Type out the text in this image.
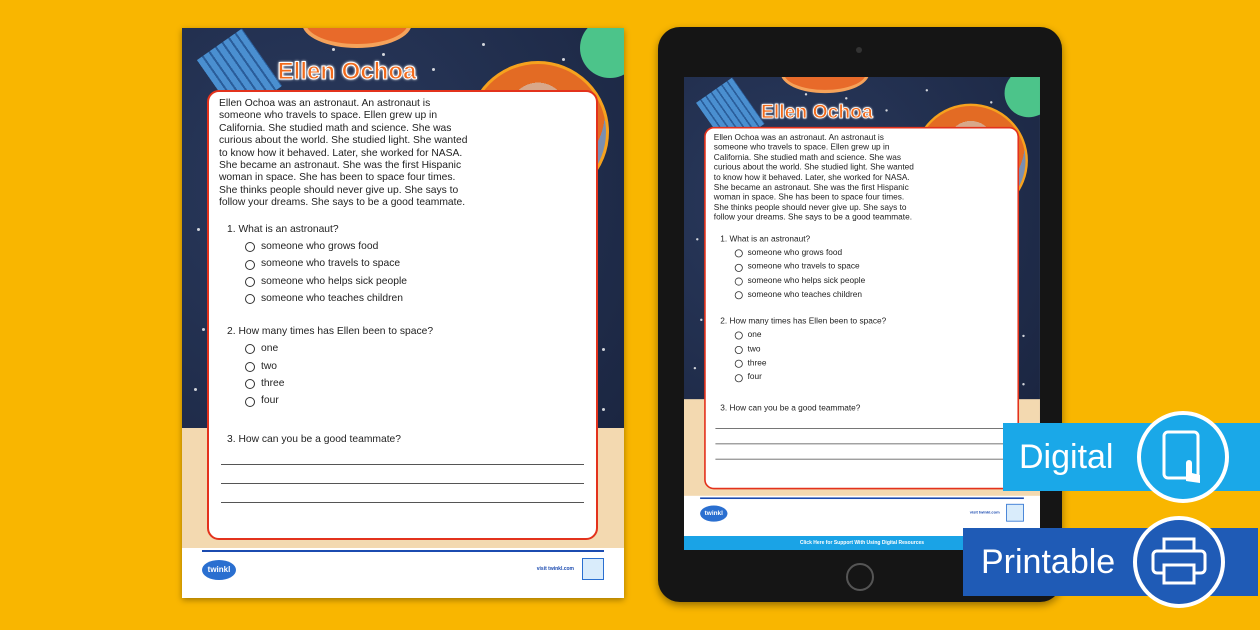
Ellen Ochoa

Ellen Ochoa was an astronaut. An astronaut is someone who travels to space. Ellen grew up in California. She studied math and science. She was curious about the world. She studied light. She wanted to know how it behaved. Later, she worked for NASA. She became an astronaut. She was the first Hispanic woman in space. She has been to space four times. She thinks people should never give up. She says to follow your dreams. She says to be a good teammate.

1. What is an astronaut?
someone who grows food
someone who travels to space
someone who helps sick people
someone who teaches children
2. How many times has Ellen been to space?
one
two
three
four
3. How can you be a good teammate?
twinkl	visit twinkl.com
Ellen Ochoa

Ellen Ochoa was an astronaut. An astronaut is someone who travels to space. Ellen grew up in California. She studied math and science. She was curious about the world. She studied light. She wanted to know how it behaved. Later, she worked for NASA. She became an astronaut. She was the first Hispanic woman in space. She has been to space four times. She thinks people should never give up. She says to follow your dreams. She says to be a good teammate.

1. What is an astronaut?
someone who grows food
someone who travels to space
someone who helps sick people
someone who teaches children
2. How many times has Ellen been to space?
one
two
three
four
3. How can you be a good teammate?
twinkl	visit twinkl.com
Click Here for Support With Using Digital Resources
Digital
Printable
